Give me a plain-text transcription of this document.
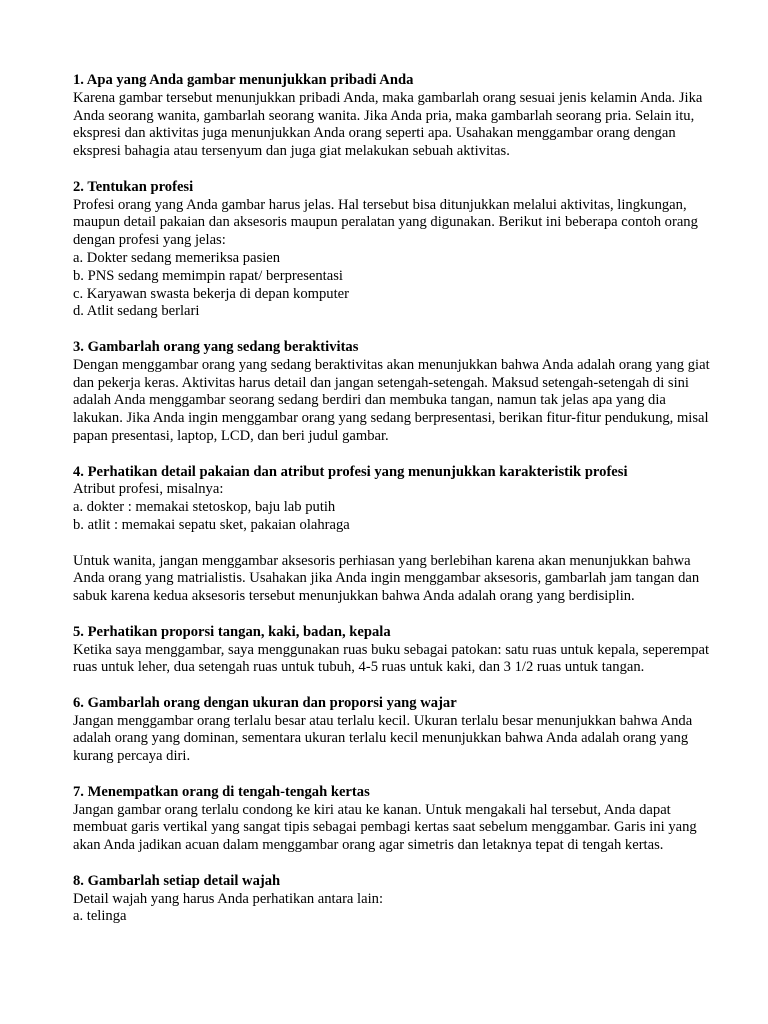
1. Apa yang Anda gambar menunjukkan pribadi Anda
Karena gambar tersebut menunjukkan pribadi Anda, maka gambarlah orang sesuai jenis kelamin Anda. Jika Anda seorang wanita, gambarlah seorang wanita. Jika Anda pria, maka gambarlah seorang pria. Selain itu, ekspresi dan aktivitas juga menunjukkan Anda orang seperti apa. Usahakan menggambar orang dengan ekspresi bahagia atau tersenyum dan juga giat melakukan sebuah aktivitas.
2. Tentukan profesi
Profesi orang yang Anda gambar harus jelas. Hal tersebut bisa ditunjukkan melalui aktivitas, lingkungan, maupun detail pakaian dan aksesoris maupun peralatan yang digunakan. Berikut ini beberapa contoh orang dengan profesi yang jelas:
a. Dokter sedang memeriksa pasien
b. PNS sedang memimpin rapat/ berpresentasi
c. Karyawan swasta bekerja di depan komputer
d. Atlit sedang berlari
3. Gambarlah orang yang sedang beraktivitas
Dengan menggambar orang yang sedang beraktivitas akan menunjukkan bahwa Anda adalah orang yang giat dan pekerja keras. Aktivitas harus detail dan jangan setengah-setengah. Maksud setengah-setengah di sini adalah Anda menggambar seorang sedang berdiri dan membuka tangan, namun tak jelas apa yang dia lakukan. Jika Anda ingin menggambar orang yang sedang berpresentasi, berikan fitur-fitur pendukung, misal papan presentasi, laptop, LCD, dan beri judul gambar.
4. Perhatikan detail pakaian dan atribut profesi yang menunjukkan karakteristik profesi
Atribut profesi, misalnya:
a. dokter : memakai stetoskop, baju lab putih
b. atlit : memakai sepatu sket, pakaian olahraga
Untuk wanita, jangan menggambar aksesoris perhiasan yang berlebihan karena akan menunjukkan bahwa Anda orang yang matrialistis. Usahakan jika Anda ingin menggambar aksesoris, gambarlah jam tangan dan sabuk karena kedua aksesoris tersebut menunjukkan bahwa Anda adalah orang yang berdisiplin.
5. Perhatikan proporsi tangan, kaki, badan, kepala
Ketika saya menggambar, saya menggunakan ruas buku sebagai patokan: satu ruas untuk kepala, seperempat ruas untuk leher, dua setengah ruas untuk tubuh, 4-5 ruas untuk kaki, dan 3 1/2 ruas untuk tangan.
6. Gambarlah orang dengan ukuran dan proporsi yang wajar
Jangan menggambar orang terlalu besar atau terlalu kecil. Ukuran terlalu besar menunjukkan bahwa Anda adalah orang yang dominan, sementara ukuran terlalu kecil menunjukkan bahwa Anda adalah orang yang kurang percaya diri.
7. Menempatkan orang di tengah-tengah kertas
Jangan gambar orang terlalu condong ke kiri atau ke kanan. Untuk mengakali hal tersebut, Anda dapat membuat garis vertikal yang sangat tipis sebagai pembagi kertas saat sebelum menggambar. Garis ini yang akan Anda jadikan acuan dalam menggambar orang agar simetris dan letaknya tepat di tengah kertas.
8. Gambarlah setiap detail wajah
Detail wajah yang harus Anda perhatikan antara lain:
a. telinga
